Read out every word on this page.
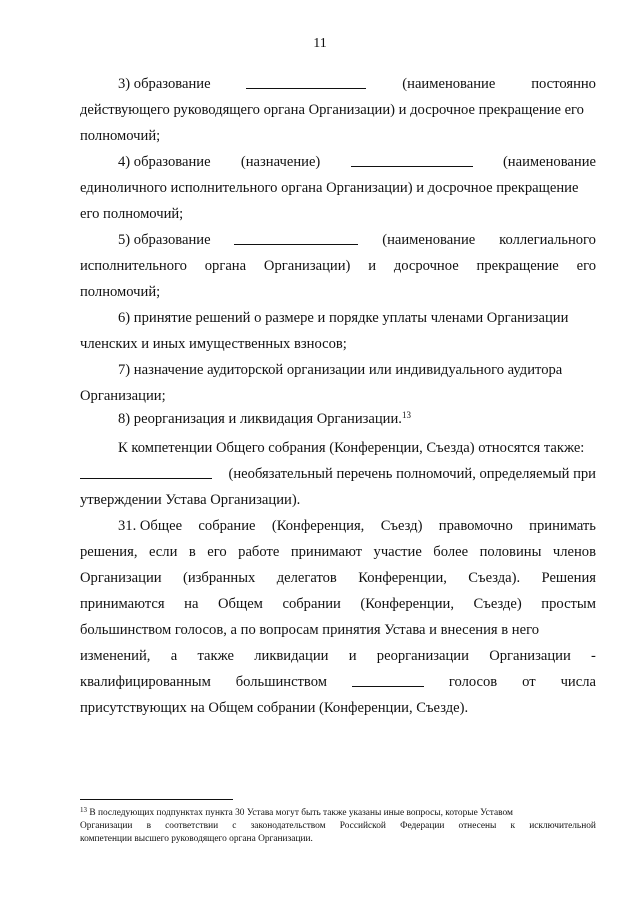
11
3) образование	(наименование постоянно
действующего руководящего органа Организации) и досрочное прекращение его
полномочий;
4) образование (назначение)	(наименование
единоличного исполнительного органа Организации) и досрочное прекращение
его полномочий;
5) образование	(наименование коллегиального
исполнительного органа Организации) и досрочное прекращение его
полномочий;
6) принятие решений о размере и порядке уплаты членами Организации
членских и иных имущественных взносов;
7) назначение аудиторской организации или индивидуального аудитора
Организации;
8) реорганизация и ликвидация Организации.$^{13}$
К компетенции Общего собрания (Конференции, Съезда) относятся также:
(необязательный перечень полномочий, определяемый при
утверждении Устава Организации).
31. Общее собрание (Конференция, Съезд) правомочно принимать
решения, если в его работе принимают участие более половины членов
Организации (избранных делегатов Конференции, Съезда). Решения
принимаются на Общем собрании (Конференции, Съезде) простым
большинством голосов, а по вопросам принятия Устава и внесения в него
изменений, а также ликвидации и реорганизации Организации -
квалифицированным большинством	голосов от числа
присутствующих на Общем собрании (Конференции, Съезде).
$^{13}$ В последующих подпунктах пункта 30 Устава могут быть также указаны иные вопросы, которые Уставом
Организации в соответствии с законодательством Российской Федерации отнесены к исключительной
компетенции высшего руководящего органа Организации.
